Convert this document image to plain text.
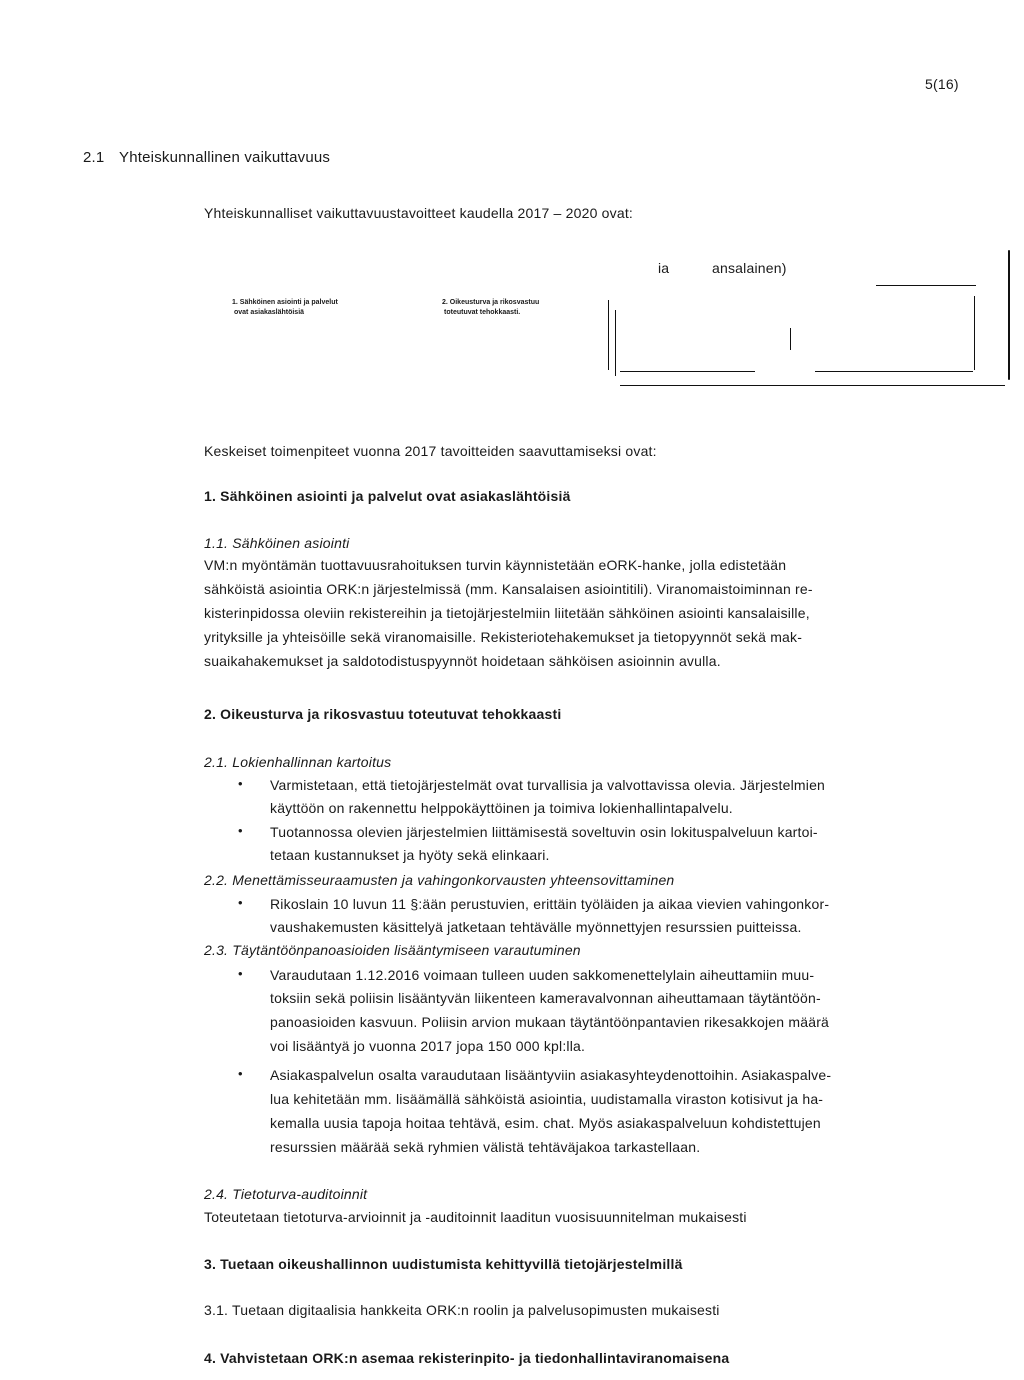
5(16)
2.1 Yhteiskunnallinen vaikuttavuus
Yhteiskunnalliset vaikuttavuustavoitteet kaudella 2017 – 2020 ovat:
ia	ansalainen)
1. Sähköinen asiointi ja palvelut
ovat asiakaslähtöisiä
2. Oikeusturva ja rikosvastuu
toteutuvat tehokkaasti.
Keskeiset toimenpiteet vuonna 2017 tavoitteiden saavuttamiseksi ovat:
1. Sähköinen asiointi ja palvelut ovat asiakaslähtöisiä
1.1. Sähköinen asiointi
VM:n myöntämän tuottavuusrahoituksen turvin käynnistetään eORK-hanke, jolla edistetään
sähköistä asiointia ORK:n järjestelmissä (mm. Kansalaisen asiointitili). Viranomaistoiminnan re-
kisterinpidossa oleviin rekistereihin ja tietojärjestelmiin liitetään sähköinen asiointi kansalaisille,
yrityksille ja yhteisöille sekä viranomaisille. Rekisteriotehakemukset ja tietopyynnöt sekä mak-
suaikahakemukset ja saldotodistuspyynnöt hoidetaan sähköisen asioinnin avulla.
2. Oikeusturva ja rikosvastuu toteutuvat tehokkaasti
2.1. Lokienhallinnan kartoitus
• Varmistetaan, että tietojärjestelmät ovat turvallisia ja valvottavissa olevia. Järjestelmien
käyttöön on rakennettu helppokäyttöinen ja toimiva lokienhallintapalvelu.
• Tuotannossa olevien järjestelmien liittämisestä soveltuvin osin lokituspalveluun kartoi-
tetaan kustannukset ja hyöty sekä elinkaari.
2.2. Menettämisseuraamusten ja vahingonkorvausten yhteensovittaminen
• Rikoslain 10 luvun 11 §:ään perustuvien, erittäin työläiden ja aikaa vievien vahingonkor-
vaushakemusten käsittelyä jatketaan tehtävälle myönnettyjen resurssien puitteissa.
2.3. Täytäntöönpanoasioiden lisääntymiseen varautuminen
• Varaudutaan 1.12.2016 voimaan tulleen uuden sakkomenettelylain aiheuttamiin muu-
toksiin sekä poliisin lisääntyvän liikenteen kameravalvonnan aiheuttamaan täytäntöön-
panoasioiden kasvuun. Poliisin arvion mukaan täytäntöönpantavien rikesakkojen määrä
voi lisääntyä jo vuonna 2017 jopa 150 000 kpl:lla.
• Asiakaspalvelun osalta varaudutaan lisääntyviin asiakasyhteydenottoihin. Asiakaspalve-
lua kehitetään mm. lisäämällä sähköistä asiointia, uudistamalla viraston kotisivut ja ha-
kemalla uusia tapoja hoitaa tehtävä, esim. chat. Myös asiakaspalveluun kohdistettujen
resurssien määrää sekä ryhmien välistä tehtäväjakoa tarkastellaan.
2.4. Tietoturva-auditoinnit
Toteutetaan tietoturva-arvioinnit ja -auditoinnit laaditun vuosisuunnitelman mukaisesti
3. Tuetaan oikeushallinnon uudistumista kehittyvillä tietojärjestelmillä
3.1. Tuetaan digitaalisia hankkeita ORK:n roolin ja palvelusopimusten mukaisesti
4. Vahvistetaan ORK:n asemaa rekisterinpito- ja tiedonhallintaviranomaisena
